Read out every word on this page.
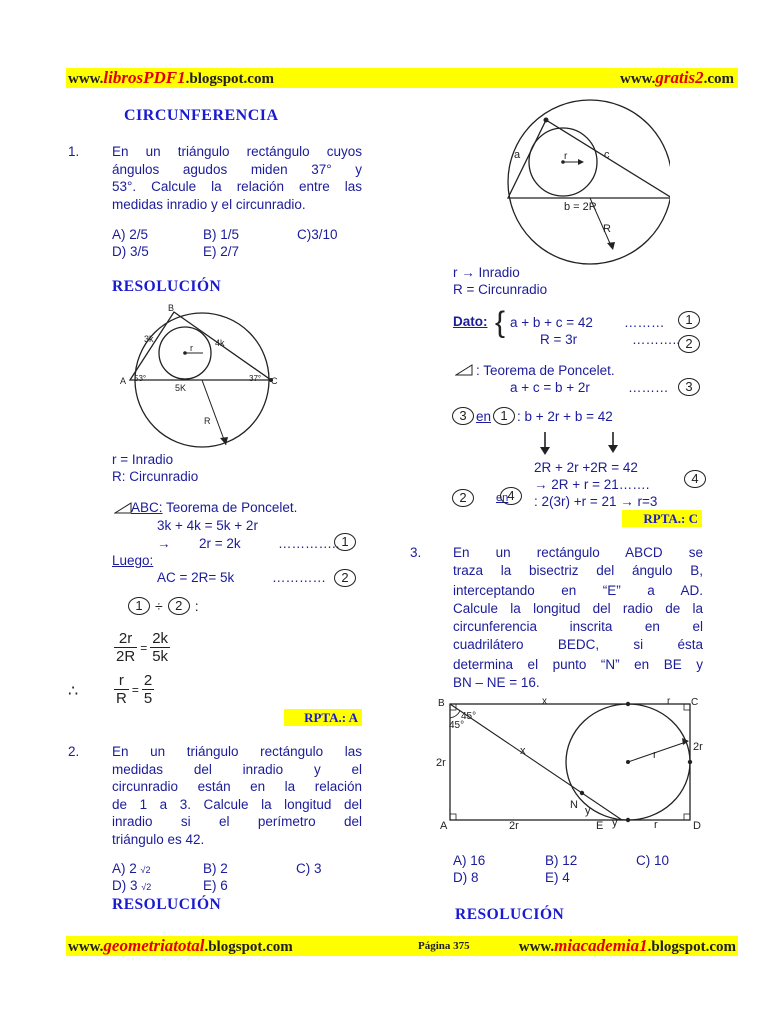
www.librosPDF1.blogspot.com	www.gratis2.com
CIRCUNFERENCIA
1. En un triángulo rectángulo cuyos
ángulos agudos miden 37° y
53°. Calcule la relación entre las
medidas inradio y el circunradio.
A) 2/5	B) 1/5	C)3/10
D) 3/5	E) 2/7
RESOLUCIÓN
B
3k	4k
r
A 53°
5K
37° C
R
r = Inradio
R: Circunradio
ABC: Teorema de Poncelet.
3k + 4k = 5k + 2r
→ 2r = 2k	………….. 1
Luego:
AC = 2R= 5k	…………	2
1 ÷ 2 :
$\frac{2r}{2R} = \frac{2k}{5k}$
∴ $\frac{r}{R} = \frac{2}{5}$
RPTA.: A
2. En un triángulo rectángulo las
medidas del inradio y el
circunradio están en la relación
de 1 a 3. Calcule la longitud del
inradio si el perímetro del
triángulo es 42.
A) 2 √2	B) 2	C) 3
D) 3 √2	E) 6
RESOLUCIÓN
a	r	c
b = 2R
R
r → Inradio
R = Circunradio
Dato: { a + b + c = 42 ………	1
R = 3r	……….. 2
: Teorema de Poncelet.
a + c = b + 2r	………	3
3 en 1 : b + 2r + b = 42
2R + 2r +2R = 42
→ 2R + r = 21…….	4
2	en 4	: 2(3r) +r = 21 → r=3
RPTA.: C
3. En un rectángulo ABCD se
traza la bisectriz del ángulo B,
interceptando en “E” a AD.
Calcule la longitud del radio de la
circunferencia inscrita en el
cuadrilátero BEDC, si ésta
determina el punto “N” en BE y
BN – NE = 16.
B
45°
45°
x	r C
x	r
2r
2r
N y
A	2r	E y	r	D
A) 16	B) 12	C) 10
D) 8	E) 4
RESOLUCIÓN
www.geometriatotal.blogspot.com	Página 375	www.miacademia1.blogspot.com
